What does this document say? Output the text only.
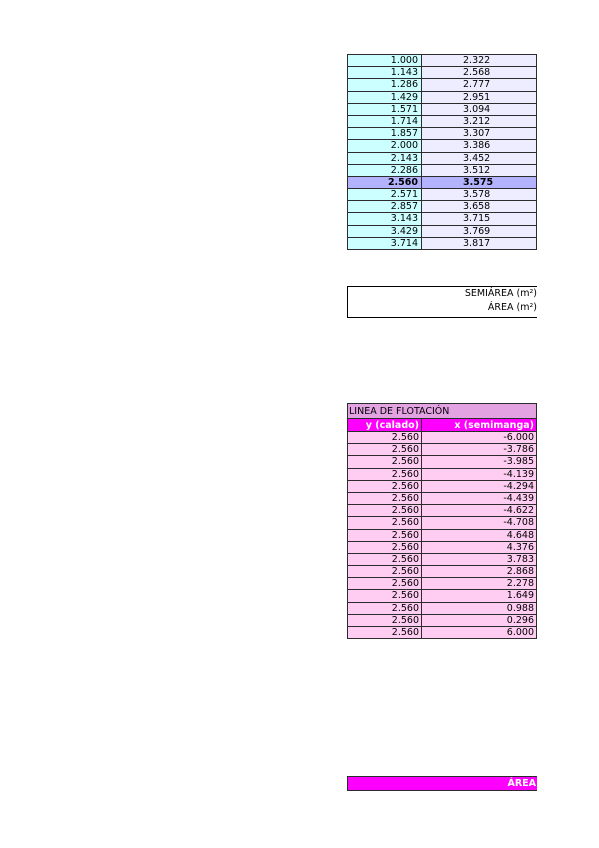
1.000	2.322
1.143	2.568
1.286	2.777
1.429	2.951
1.571	3.094
1.714	3.212
1.857	3.307
2.000	3.386
2.143	3.452
2.286	3.512
2.560	3.575
2.571	3.578
2.857	3.658
3.143	3.715
3.429	3.769
3.714	3.817
SEMIÁREA (m²)
ÁREA (m²)
LINEA DE FLOTACIÓN
y (calado)	x (semimanga)
2.560	-6.000
2.560	-3.786
2.560	-3.985
2.560	-4.139
2.560	-4.294
2.560	-4.439
2.560	-4.622
2.560	-4.708
2.560	4.648
2.560	4.376
2.560	3.783
2.560	2.868
2.560	2.278
2.560	1.649
2.560	0.988
2.560	0.296
2.560	6.000
ÁREA
